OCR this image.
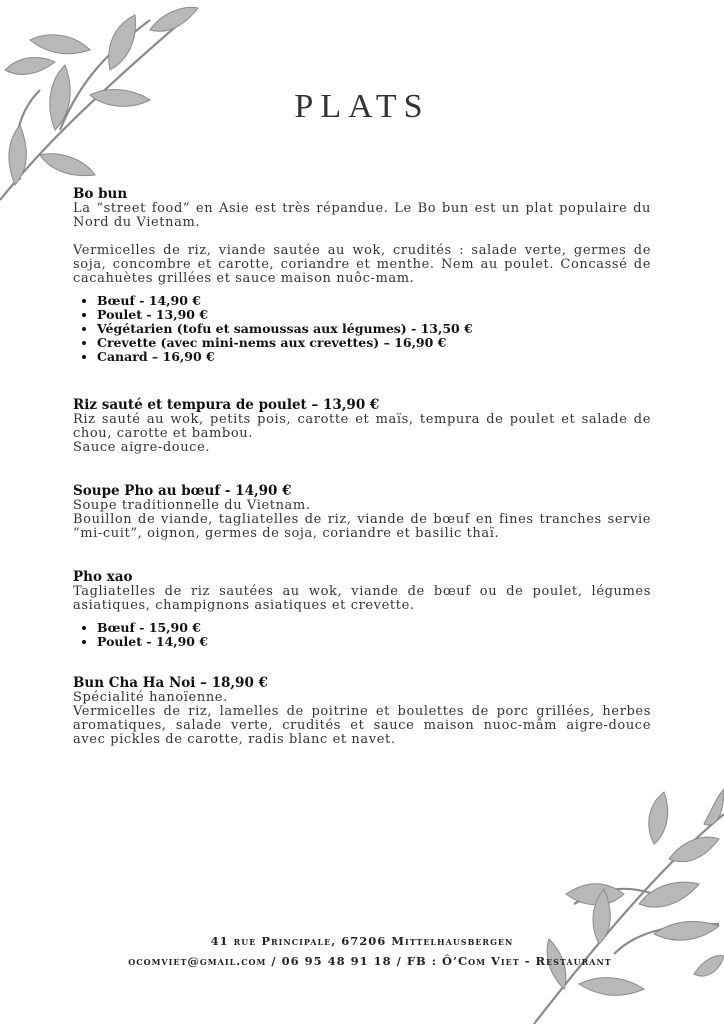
PLATS
Bo bun

La “street food” en Asie est très répandue. Le Bo bun est un plat populaire du Nord du Vietnam.

Vermicelles de riz, viande sautée au wok, crudités : salade verte, germes de soja, concombre et carotte, coriandre et menthe. Nem au poulet. Concassé de cacahuètes grillées et sauce maison nuôc-mam.

• Bœuf - 14,90 €
• Poulet - 13,90 €
• Végétarien (tofu et samoussas aux légumes) - 13,50 €
• Crevette (avec mini-nems aux crevettes) – 16,90 €
• Canard – 16,90 €
Riz sauté et tempura de poulet – 13,90 €

Riz sauté au wok, petits pois, carotte et maïs, tempura de poulet et salade de chou, carotte et bambou.

Sauce aigre-douce.

Soupe Pho au bœuf - 14,90 €

Soupe traditionnelle du Vietnam.

Bouillon de viande, tagliatelles de riz, viande de bœuf en fines tranches servie “mi-cuit”, oignon, germes de soja, coriandre et basilic thaï.

Pho xao

Tagliatelles de riz sautées au wok, viande de bœuf ou de poulet, légumes asiatiques, champignons asiatiques et crevette.

• Bœuf - 15,90 €
• Poulet - 14,90 €
Bun Cha Ha Noi – 18,90 €

Spécialité hanoïenne.

Vermicelles de riz, lamelles de poitrine et boulettes de porc grillées, herbes aromatiques, salade verte, crudités et sauce maison nuoc-mâm aigre-douce avec pickles de carotte, radis blanc et navet.

41 rue Principale, 67206 Mittelhausbergen
ocomviet@gmail.com / 06 95 48 91 18 / FB : Ô’Com Viet - Restaurant
